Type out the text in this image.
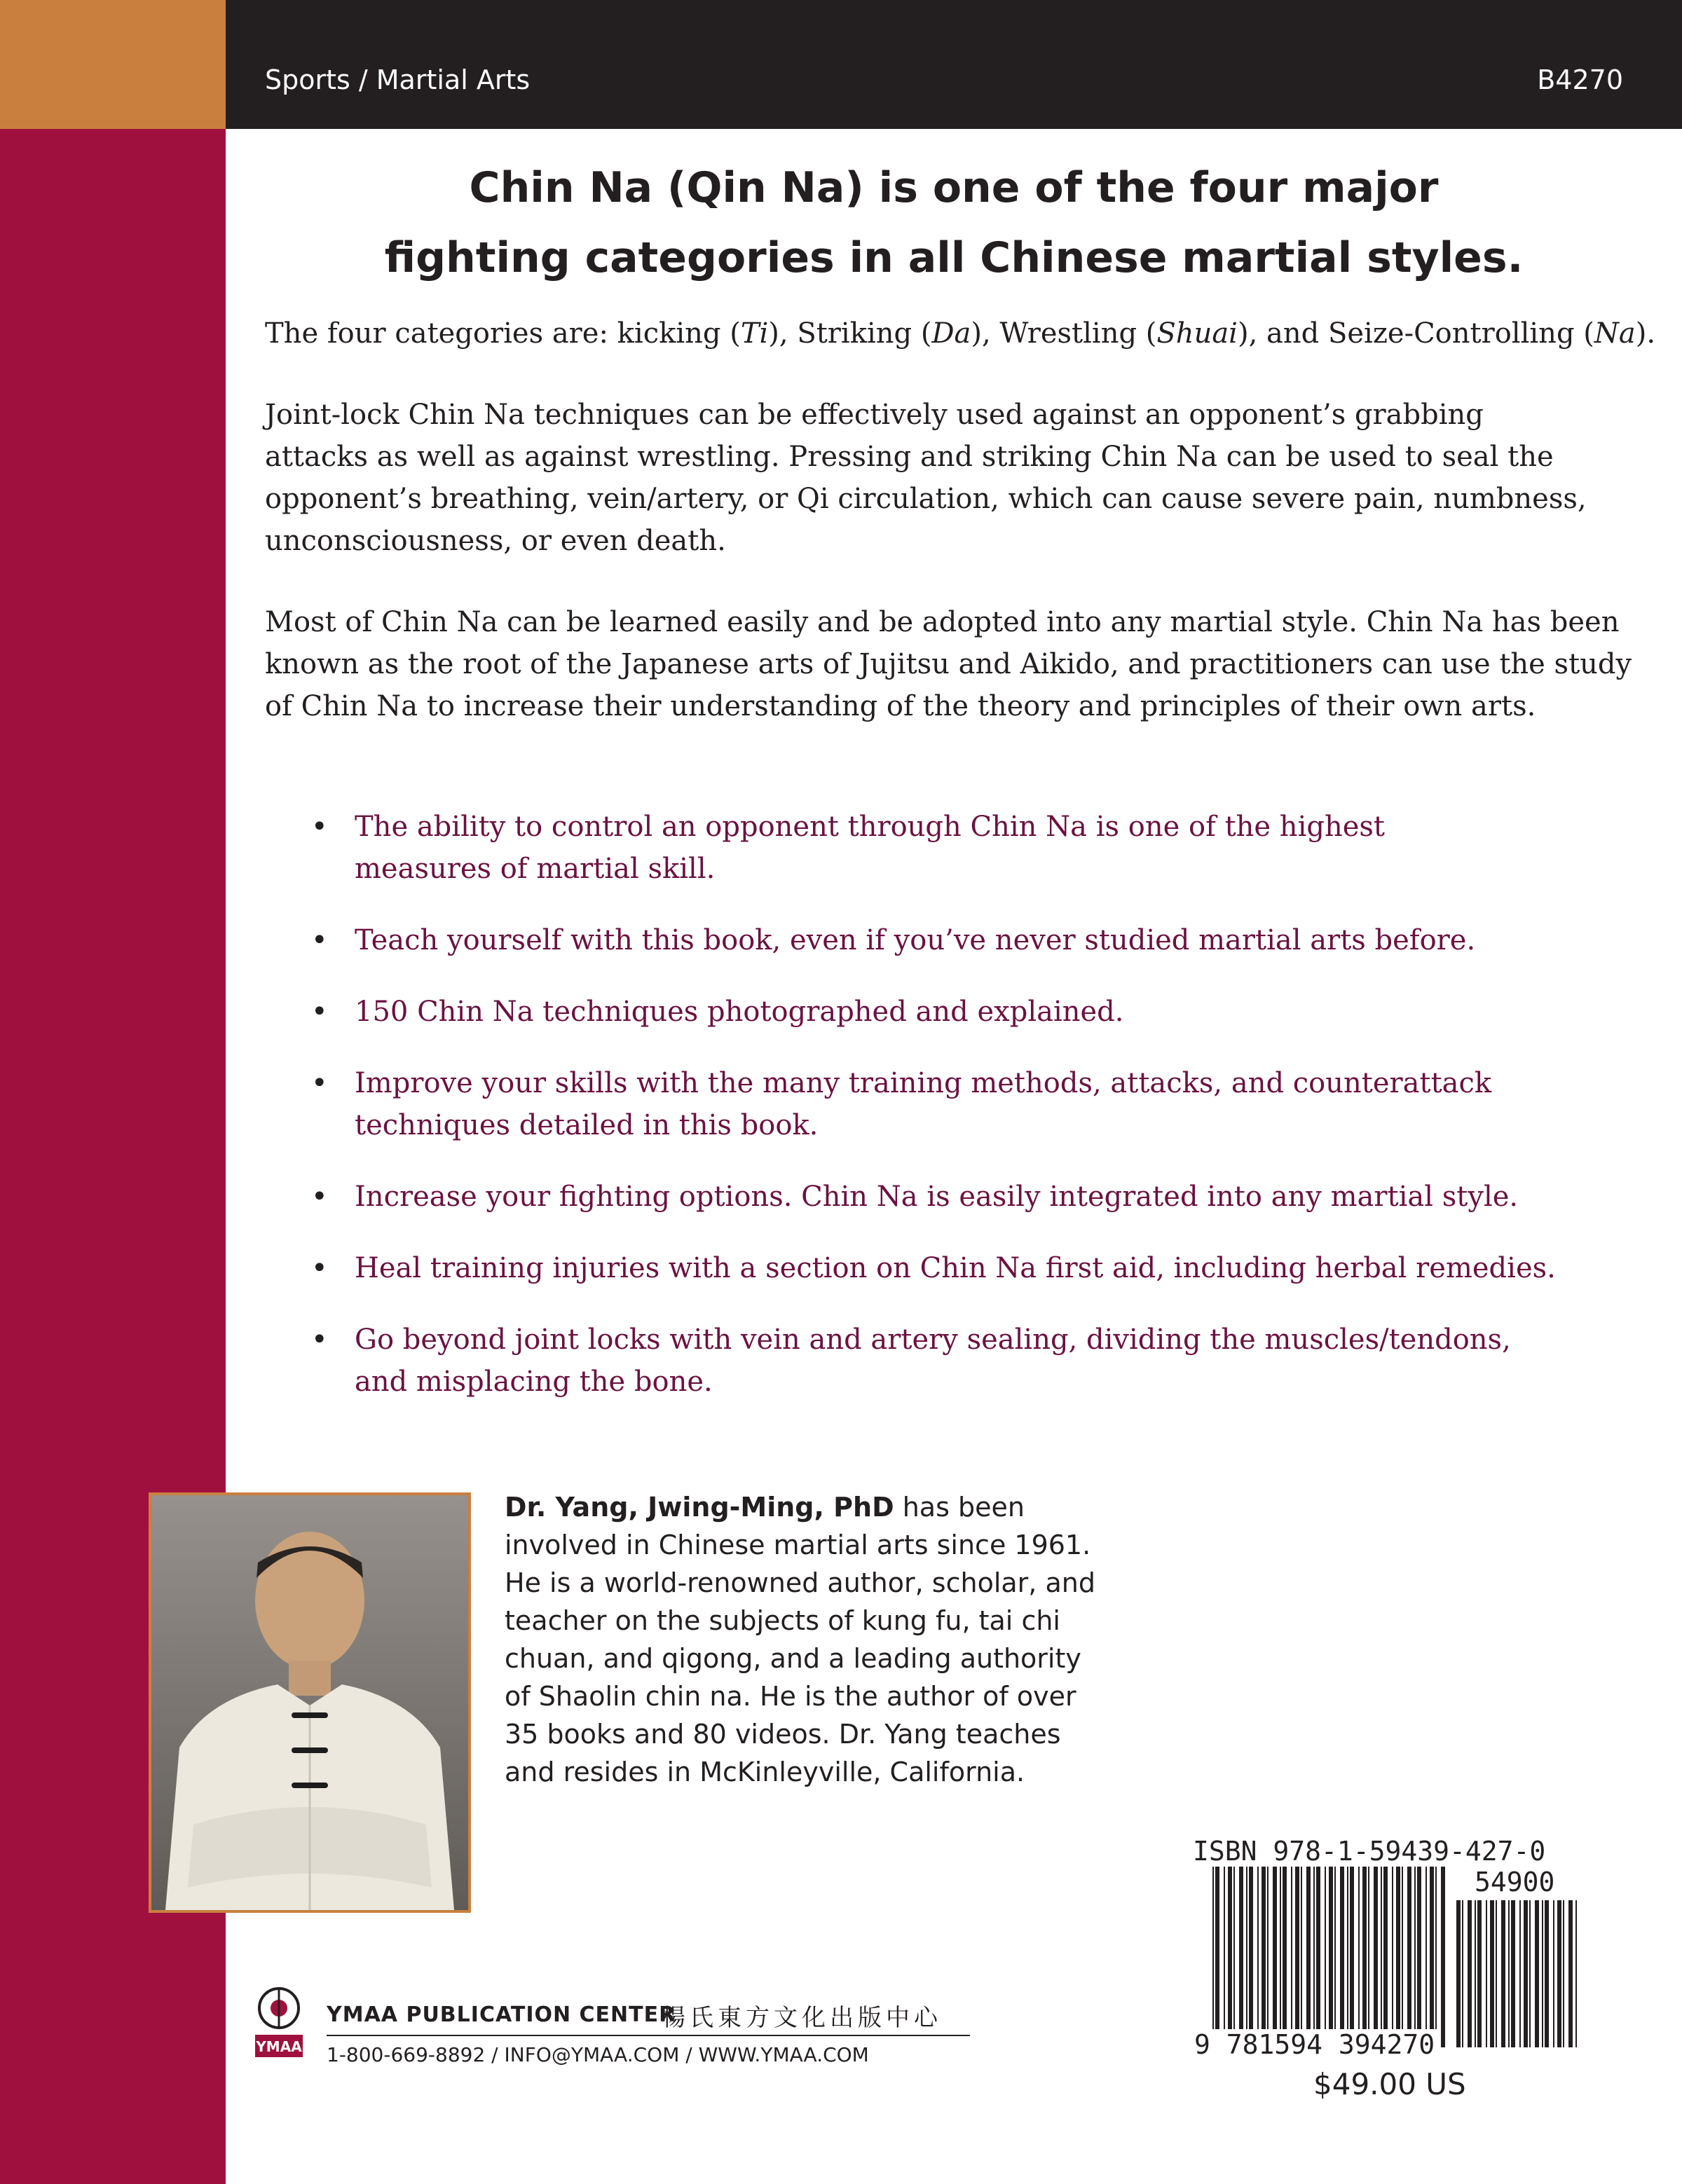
Sports / Martial Arts	B4270
Chin Na (Qin Na) is one of the four major
fighting categories in all Chinese martial styles.
The four categories are: kicking (Ti), Striking (Da), Wrestling (Shuai), and Seize-Controlling (Na).
Joint-lock Chin Na techniques can be effectively used against an opponent’s grabbing
attacks as well as against wrestling. Pressing and striking Chin Na can be used to seal the
opponent’s breathing, vein/artery, or Qi circulation, which can cause severe pain, numbness,
unconsciousness, or even death.
Most of Chin Na can be learned easily and be adopted into any martial style. Chin Na has been
known as the root of the Japanese arts of Jujitsu and Aikido, and practitioners can use the study
of Chin Na to increase their understanding of the theory and principles of their own arts.
• The ability to control an opponent through Chin Na is one of the highest
measures of martial skill.
• Teach yourself with this book, even if you’ve never studied martial arts before.
• 150 Chin Na techniques photographed and explained.
• Improve your skills with the many training methods, attacks, and counterattack
techniques detailed in this book.
• Increase your fighting options. Chin Na is easily integrated into any martial style.
• Heal training injuries with a section on Chin Na first aid, including herbal remedies.
• Go beyond joint locks with vein and artery sealing, dividing the muscles/tendons,
and misplacing the bone.
Dr. Yang, Jwing-Ming, PhD has been
involved in Chinese martial arts since 1961.
He is a world-renowned author, scholar, and
teacher on the subjects of kung fu, tai chi
chuan, and qigong, and a leading authority
of Shaolin chin na. He is the author of over
35 books and 80 videos. Dr. Yang teaches
and resides in McKinleyville, California.
YMAA
YMAA PUBLICATION CENTER
楊氏東方文化出版中心
1-800-669-8892 / INFO@YMAA.COM / WWW.YMAA.COM
ISBN 978-1-59439-427-0
54900
9 781594 394270
$49.00 US
